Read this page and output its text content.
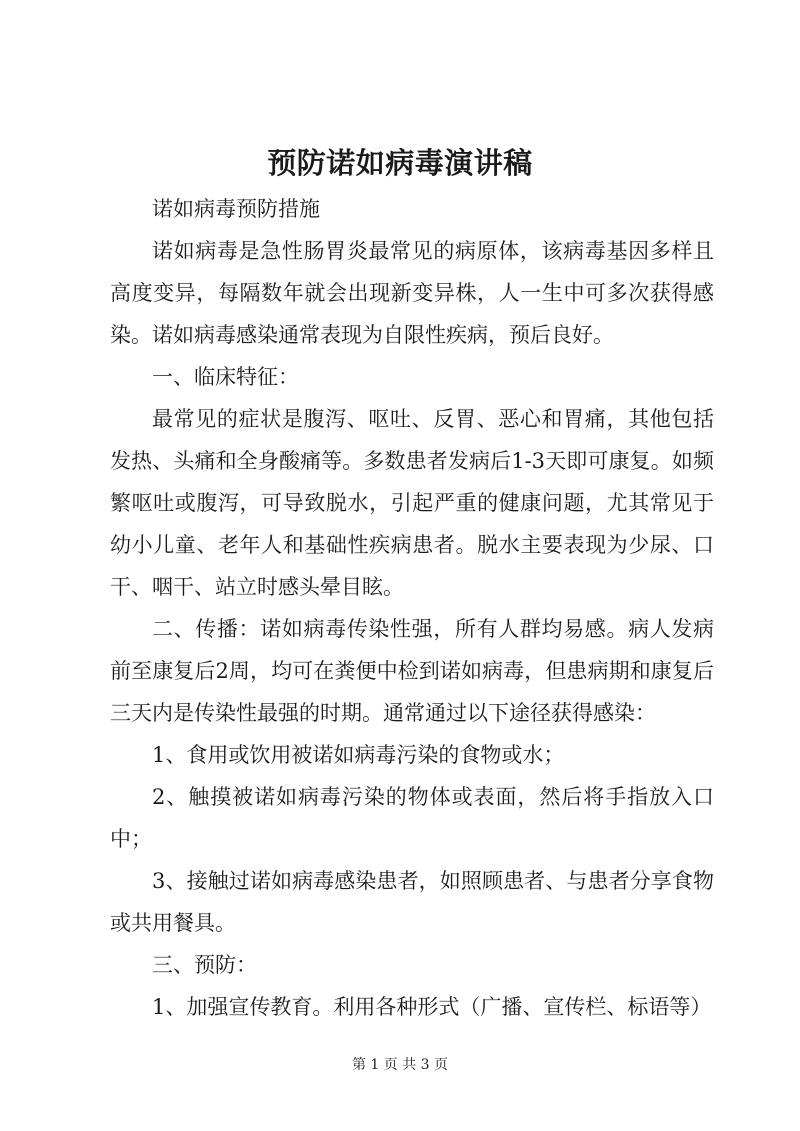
预防诺如病毒演讲稿

诺如病毒预防措施

诺如病毒是急性肠胃炎最常见的病原体，该病毒基因多样且高度变异，每隔数年就会出现新变异株，人一生中可多次获得感染。诺如病毒感染通常表现为自限性疾病，预后良好。

一、临床特征：

最常见的症状是腹泻、呕吐、反胃、恶心和胃痛，其他包括发热、头痛和全身酸痛等。多数患者发病后1-3天即可康复。如频繁呕吐或腹泻，可导致脱水，引起严重的健康问题，尤其常见于幼小儿童、老年人和基础性疾病患者。脱水主要表现为少尿、口干、咽干、站立时感头晕目眩。

二、传播：诺如病毒传染性强，所有人群均易感。病人发病前至康复后2周，均可在粪便中检到诺如病毒，但患病期和康复后三天内是传染性最强的时期。通常通过以下途径获得感染：

1、食用或饮用被诺如病毒污染的食物或水；

2、触摸被诺如病毒污染的物体或表面，然后将手指放入口中；

3、接触过诺如病毒感染患者，如照顾患者、与患者分享食物或共用餐具。

三、预防：

1、加强宣传教育。利用各种形式（广播、宣传栏、标语等）

第 1 页 共 3 页
